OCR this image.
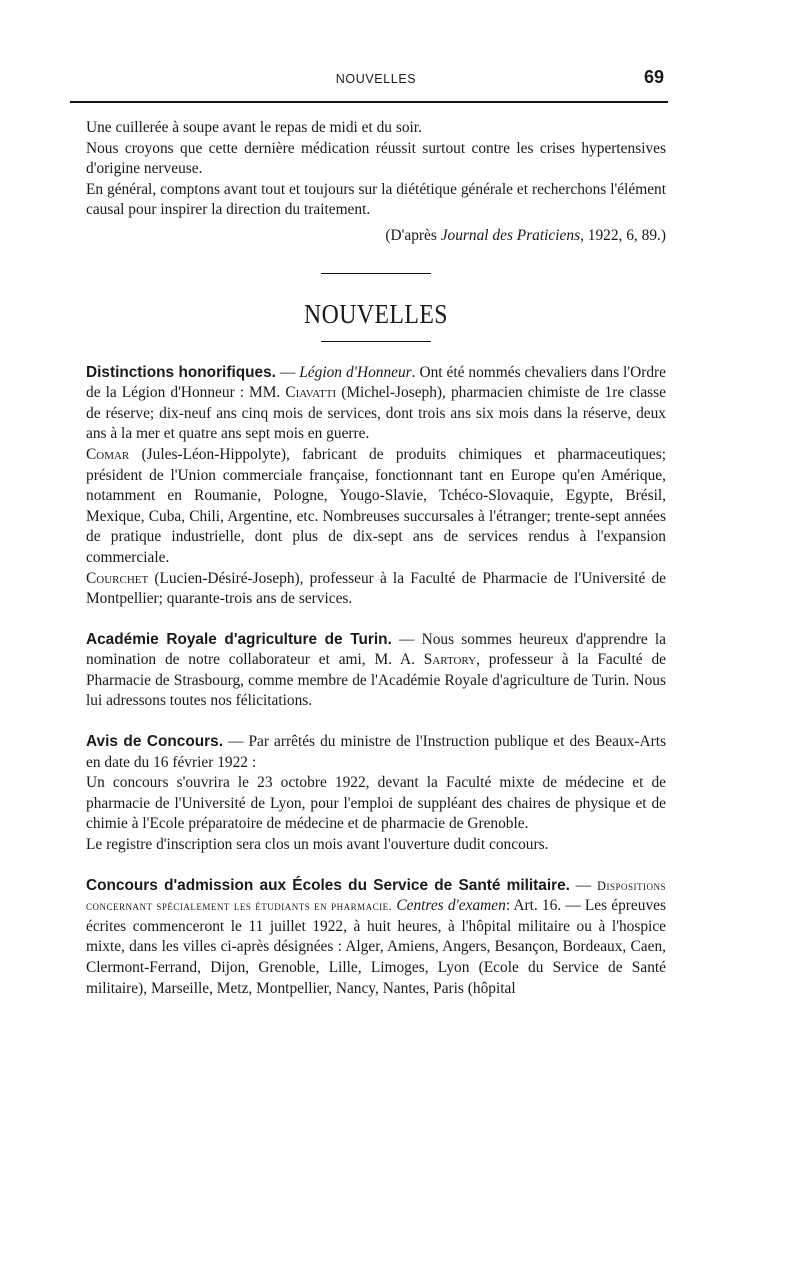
NOUVELLES	69

Une cuillerée à soupe avant le repas de midi et du soir.

Nous croyons que cette dernière médication réussit surtout contre les crises hypertensives d'origine nerveuse.

En général, comptons avant tout et toujours sur la diététique générale et recherchons l'élément causal pour inspirer la direction du traitement.

(D'après Journal des Praticiens, 1922, 6, 89.)

NOUVELLES

Distinctions honorifiques. — Légion d'Honneur. Ont été nommés chevaliers dans l'Ordre de la Légion d'Honneur : MM. Ciavatti (Michel-Joseph), pharmacien chimiste de 1re classe de réserve; dix-neuf ans cinq mois de services, dont trois ans six mois dans la réserve, deux ans à la mer et quatre ans sept mois en guerre.

Comar (Jules-Léon-Hippolyte), fabricant de produits chimiques et pharmaceutiques; président de l'Union commerciale française, fonctionnant tant en Europe qu'en Amérique, notamment en Roumanie, Pologne, Yougo-Slavie, Tchéco-Slovaquie, Egypte, Brésil, Mexique, Cuba, Chili, Argentine, etc. Nombreuses succursales à l'étranger; trente-sept années de pratique industrielle, dont plus de dix-sept ans de services rendus à l'expansion commerciale.

Courchet (Lucien-Désiré-Joseph), professeur à la Faculté de Pharmacie de l'Université de Montpellier; quarante-trois ans de services.

Académie Royale d'agriculture de Turin. — Nous sommes heureux d'apprendre la nomination de notre collaborateur et ami, M. A. Sartory, professeur à la Faculté de Pharmacie de Strasbourg, comme membre de l'Académie Royale d'agriculture de Turin. Nous lui adressons toutes nos félicitations.

Avis de Concours. — Par arrêtés du ministre de l'Instruction publique et des Beaux-Arts en date du 16 février 1922 :

Un concours s'ouvrira le 23 octobre 1922, devant la Faculté mixte de médecine et de pharmacie de l'Université de Lyon, pour l'emploi de suppléant des chaires de physique et de chimie à l'Ecole préparatoire de médecine et de pharmacie de Grenoble.

Le registre d'inscription sera clos un mois avant l'ouverture dudit concours.

Concours d'admission aux Écoles du Service de Santé militaire. — Dispositions concernant spécialement les étudiants en pharmacie. Centres d'examen: Art. 16. — Les épreuves écrites commenceront le 11 juillet 1922, à huit heures, à l'hôpital militaire ou à l'hospice mixte, dans les villes ci-après désignées : Alger, Amiens, Angers, Besançon, Bordeaux, Caen, Clermont-Ferrand, Dijon, Grenoble, Lille, Limoges, Lyon (Ecole du Service de Santé militaire), Marseille, Metz, Montpellier, Nancy, Nantes, Paris (hôpital
